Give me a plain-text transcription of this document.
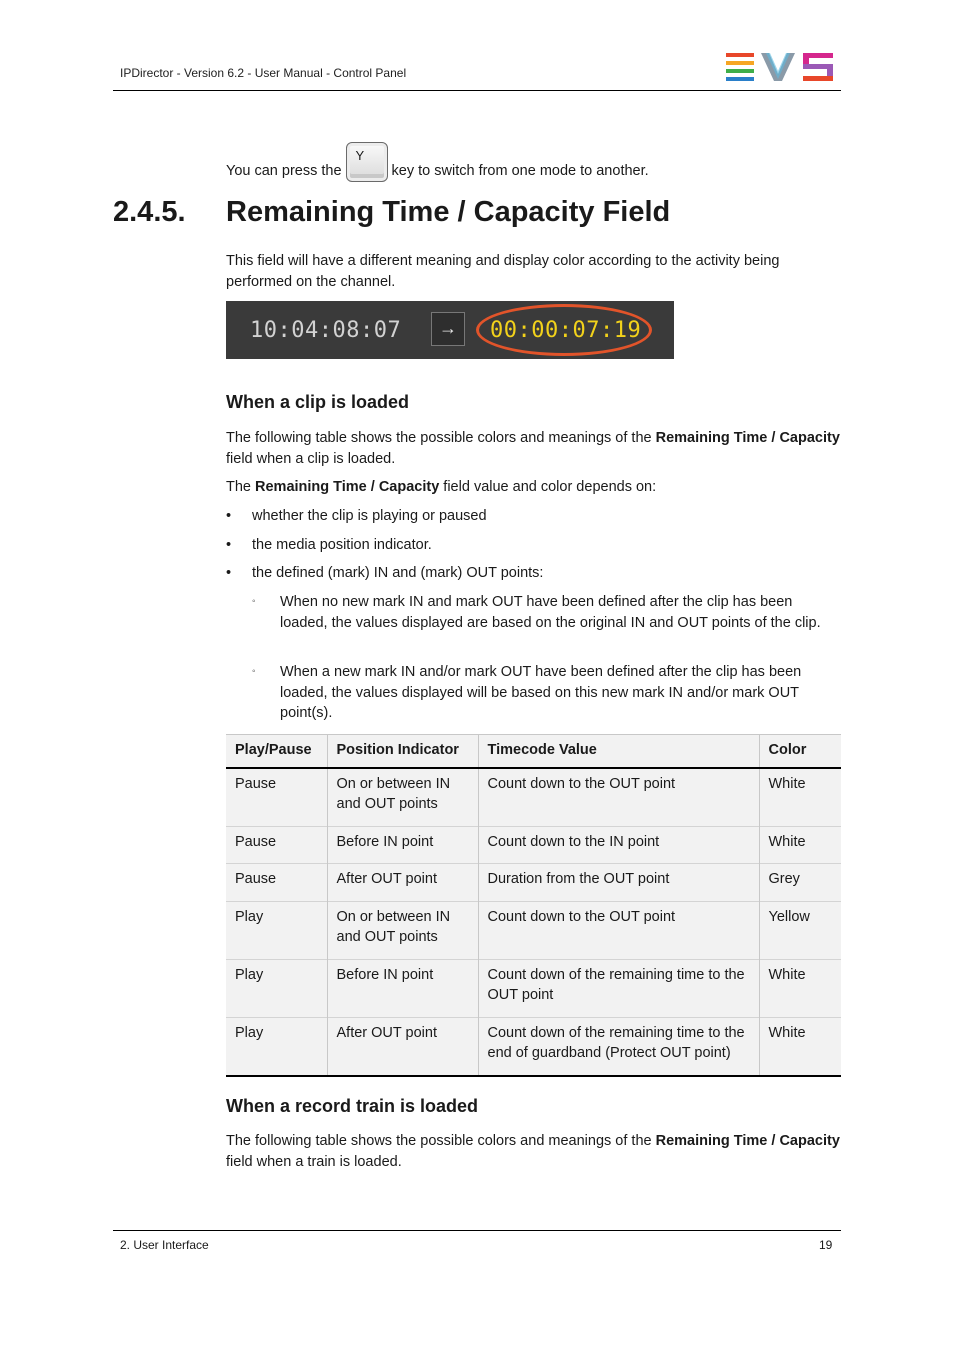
IPDirector - Version 6.2 - User Manual - Control Panel
You can press the
Y
key to switch from one mode to another.
2.4.5. Remaining Time / Capacity Field
This field will have a different meaning and display color according to the activity being performed on the channel.
10:04:08:07	→	00:00:07:19
When a clip is loaded
The following table shows the possible colors and meanings of the Remaining Time / Capacity field when a clip is loaded.
The Remaining Time / Capacity field value and color depends on:
• whether the clip is playing or paused
• the media position indicator.
• the defined (mark) IN and (mark) OUT points:
◦ When no new mark IN and mark OUT have been defined after the clip has been loaded, the values displayed are based on the original IN and OUT points of the clip.
◦ When a new mark IN and/or mark OUT have been defined after the clip has been loaded, the values displayed will be based on this new mark IN and/or mark OUT point(s).
Play/Pause	Position Indicator	Timecode Value	Color
Pause	On or between IN and OUT points	Count down to the OUT point	White
Pause	Before IN point	Count down to the IN point	White
Pause	After OUT point	Duration from the OUT point	Grey
Play	On or between IN and OUT points	Count down to the OUT point	Yellow
Play	Before IN point	Count down of the remaining time to the OUT point	White
Play	After OUT point	Count down of the remaining time to the end of guardband (Protect OUT point)	White
When a record train is loaded
The following table shows the possible colors and meanings of the Remaining Time / Capacity field when a train is loaded.
2. User Interface	19
